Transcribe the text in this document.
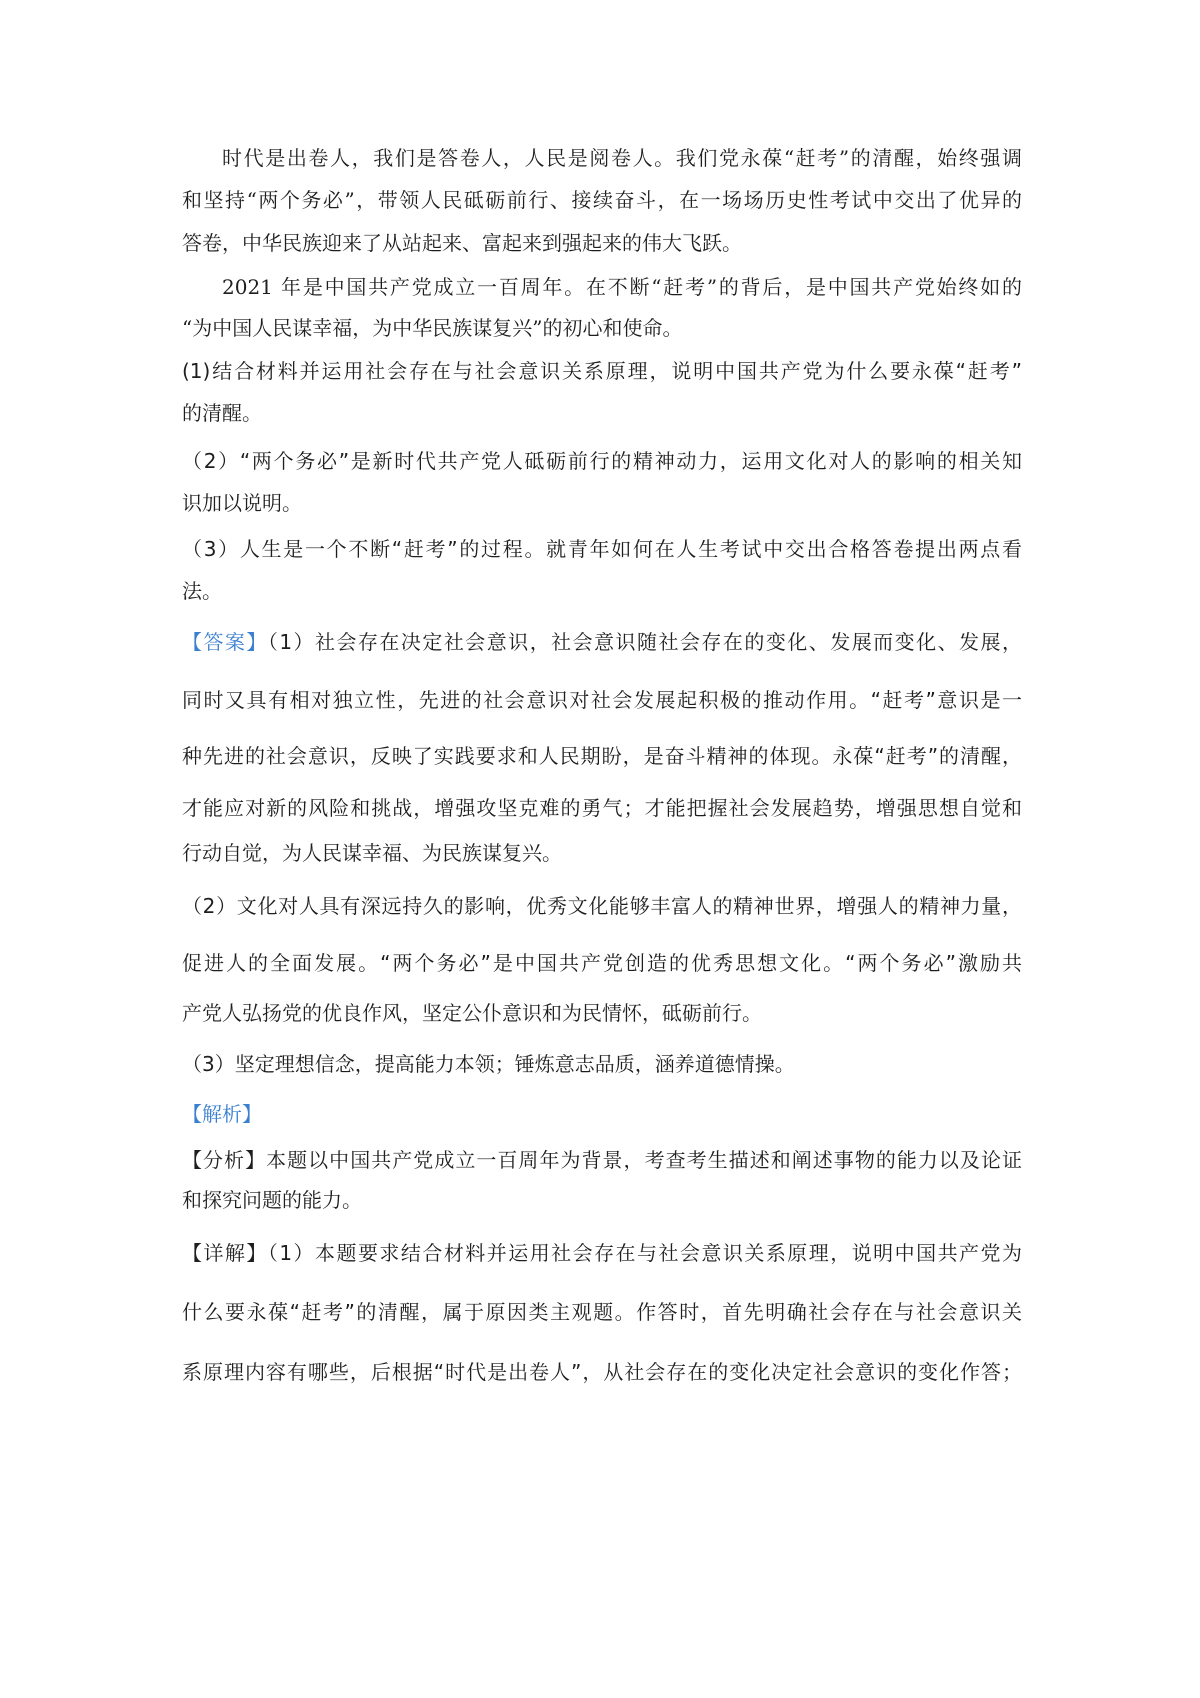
时代是出卷人，我们是答卷人，人民是阅卷人。我们党永葆“赶考”的清醒，始终强调
和坚持“两个务必”，带领人民砥砺前行、接续奋斗，在一场场历史性考试中交出了优异的
答卷，中华民族迎来了从站起来、富起来到强起来的伟大飞跃。
2021 年是中国共产党成立一百周年。在不断“赶考”的背后，是中国共产党始终如的
“为中国人民谋幸福，为中华民族谋复兴”的初心和使命。
(1)结合材料并运用社会存在与社会意识关系原理，说明中国共产党为什么要永葆“赶考”
的清醒。
（2）“两个务必”是新时代共产党人砥砺前行的精神动力，运用文化对人的影响的相关知
识加以说明。
（3）人生是一个不断“赶考”的过程。就青年如何在人生考试中交出合格答卷提出两点看
法。
【答案】（1）社会存在决定社会意识，社会意识随社会存在的变化、发展而变化、发展，
同时又具有相对独立性，先进的社会意识对社会发展起积极的推动作用。“赶考”意识是一
种先进的社会意识，反映了实践要求和人民期盼，是奋斗精神的体现。永葆“赶考”的清醒，
才能应对新的风险和挑战，增强攻坚克难的勇气；才能把握社会发展趋势，增强思想自觉和
行动自觉，为人民谋幸福、为民族谋复兴。
（2）文化对人具有深远持久的影响，优秀文化能够丰富人的精神世界，增强人的精神力量，
促进人的全面发展。“两个务必”是中国共产党创造的优秀思想文化。“两个务必”激励共
产党人弘扬党的优良作风，坚定公仆意识和为民情怀，砥砺前行。
（3）坚定理想信念，提高能力本领；锤炼意志品质，涵养道德情操。
【解析】
【分析】本题以中国共产党成立一百周年为背景，考查考生描述和阐述事物的能力以及论证
和探究问题的能力。
【详解】（1）本题要求结合材料并运用社会存在与社会意识关系原理，说明中国共产党为
什么要永葆“赶考”的清醒，属于原因类主观题。作答时，首先明确社会存在与社会意识关
系原理内容有哪些，后根据“时代是出卷人”，从社会存在的变化决定社会意识的变化作答；
